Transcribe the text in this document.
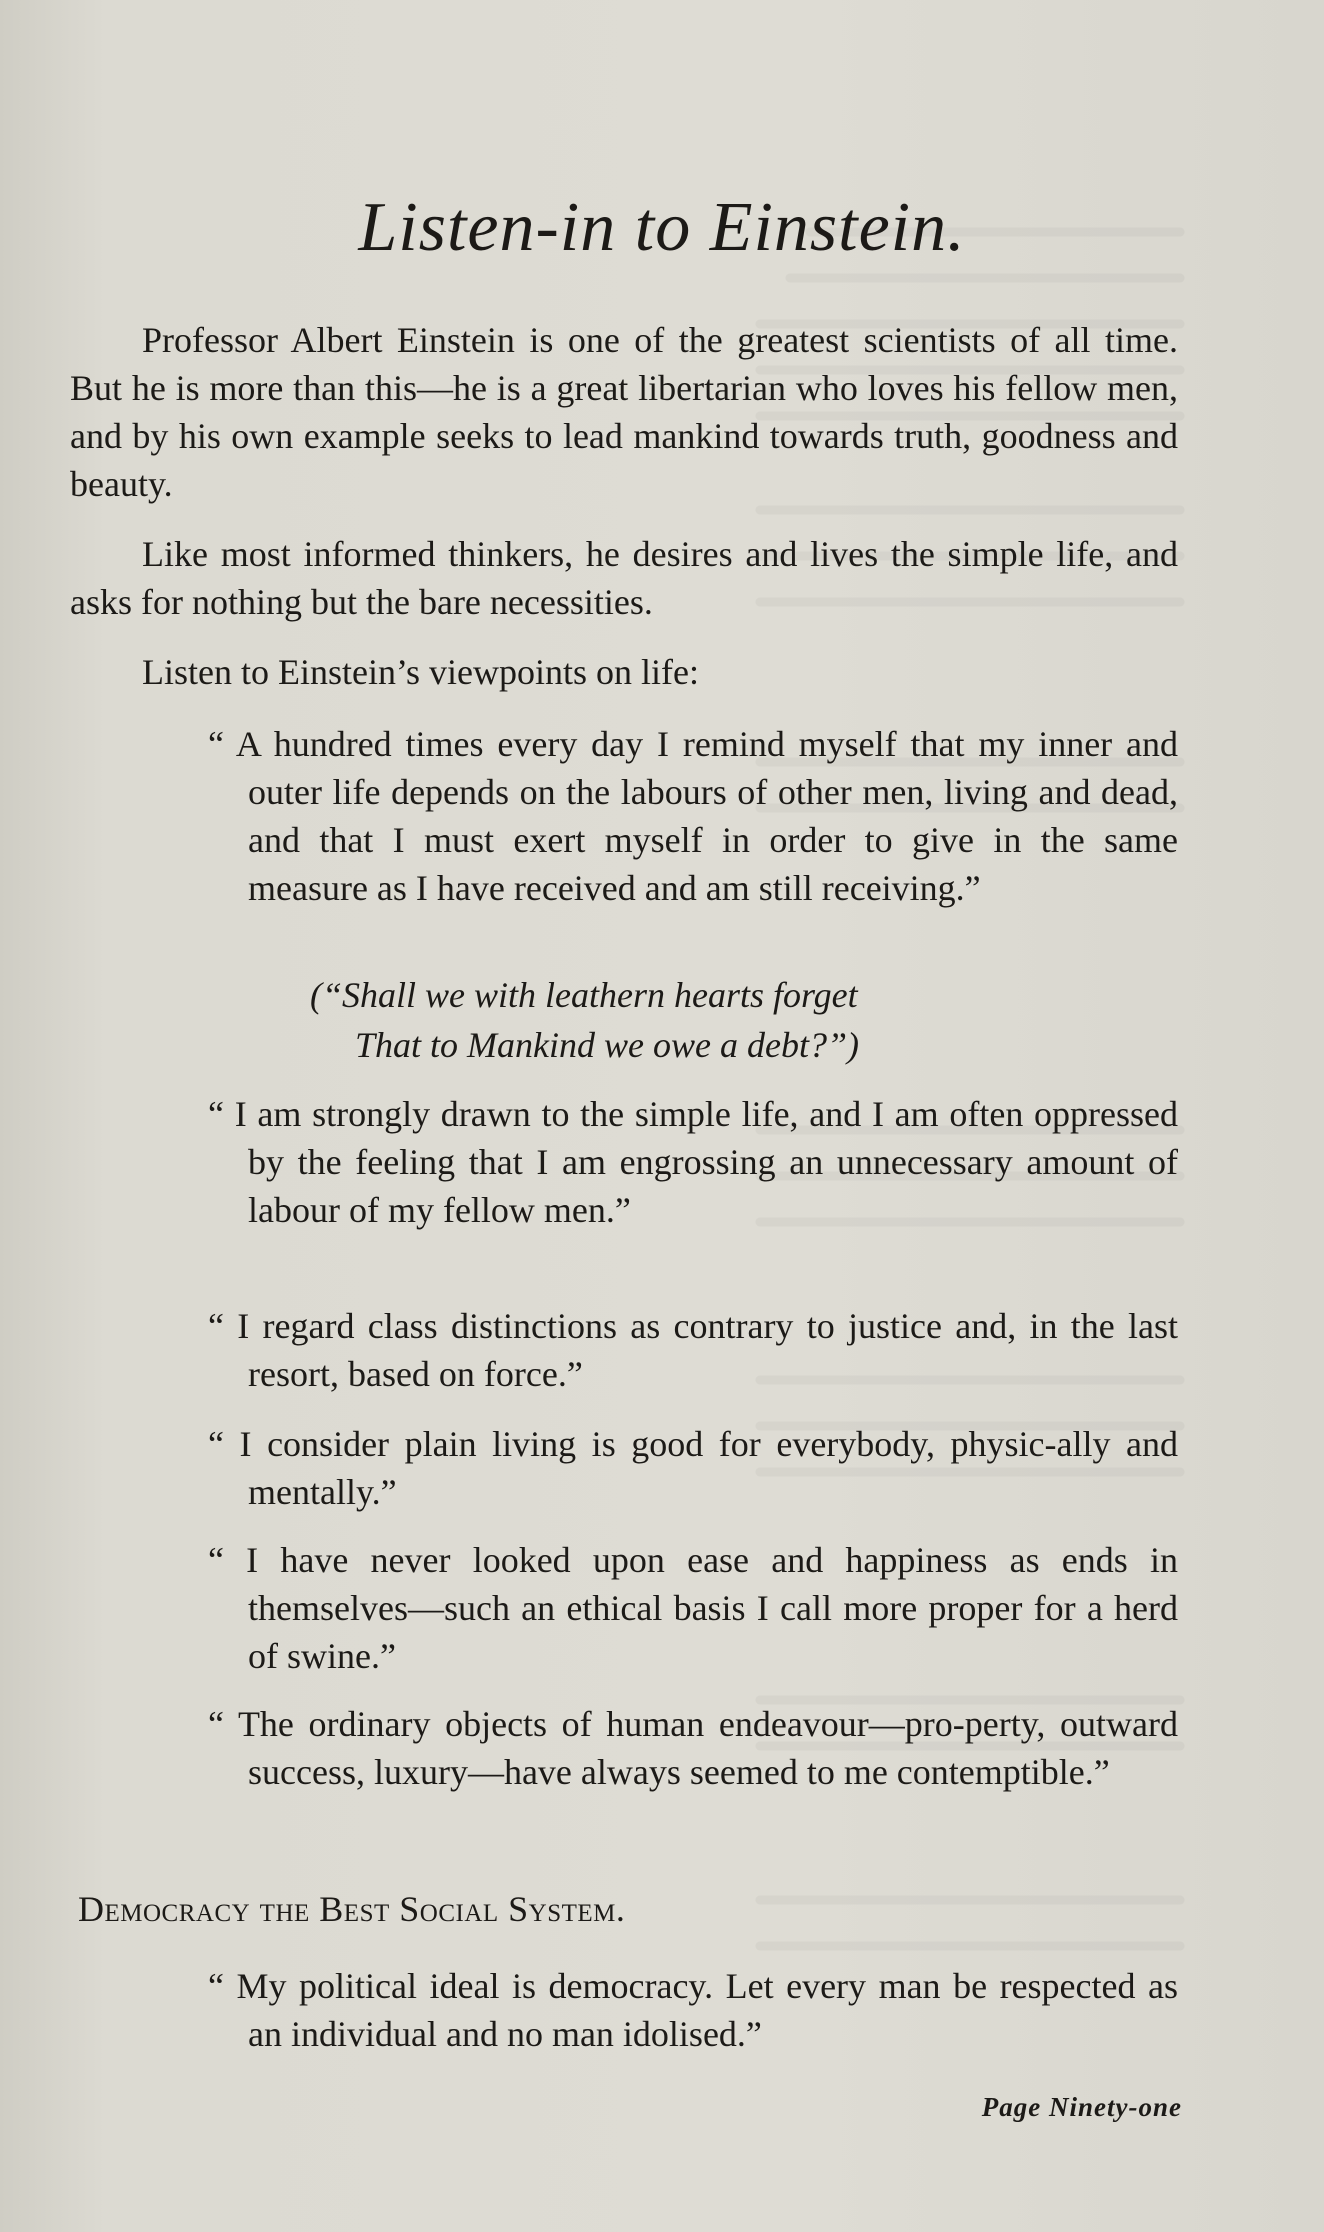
Listen-in to Einstein.

Professor Albert Einstein is one of the greatest scientists of all time. But he is more than this—he is a great libertarian who loves his fellow men, and by his own example seeks to lead mankind towards truth, goodness and beauty.

Like most informed thinkers, he desires and lives the simple life, and asks for nothing but the bare necessities.

Listen to Einstein’s viewpoints on life:

“ A hundred times every day I remind myself that my inner and outer life depends on the labours of other men, living and dead, and that I must exert myself in order to give in the same measure as I have received and am still receiving.”

(“Shall we with leathern hearts forget
That to Mankind we owe a debt?”)

“ I am strongly drawn to the simple life, and I am often oppressed by the feeling that I am engrossing an unnecessary amount of labour of my fellow men.”

“ I regard class distinctions as contrary to justice and, in the last resort, based on force.”

“ I consider plain living is good for everybody, physic-ally and mentally.”

“ I have never looked upon ease and happiness as ends in themselves—such an ethical basis I call more proper for a herd of swine.”

“ The ordinary objects of human endeavour—pro-perty, outward success, luxury—have always seemed to me contemptible.”

Democracy the Best Social System.

“ My political ideal is democracy. Let every man be respected as an individual and no man idolised.”

Page Ninety-one
